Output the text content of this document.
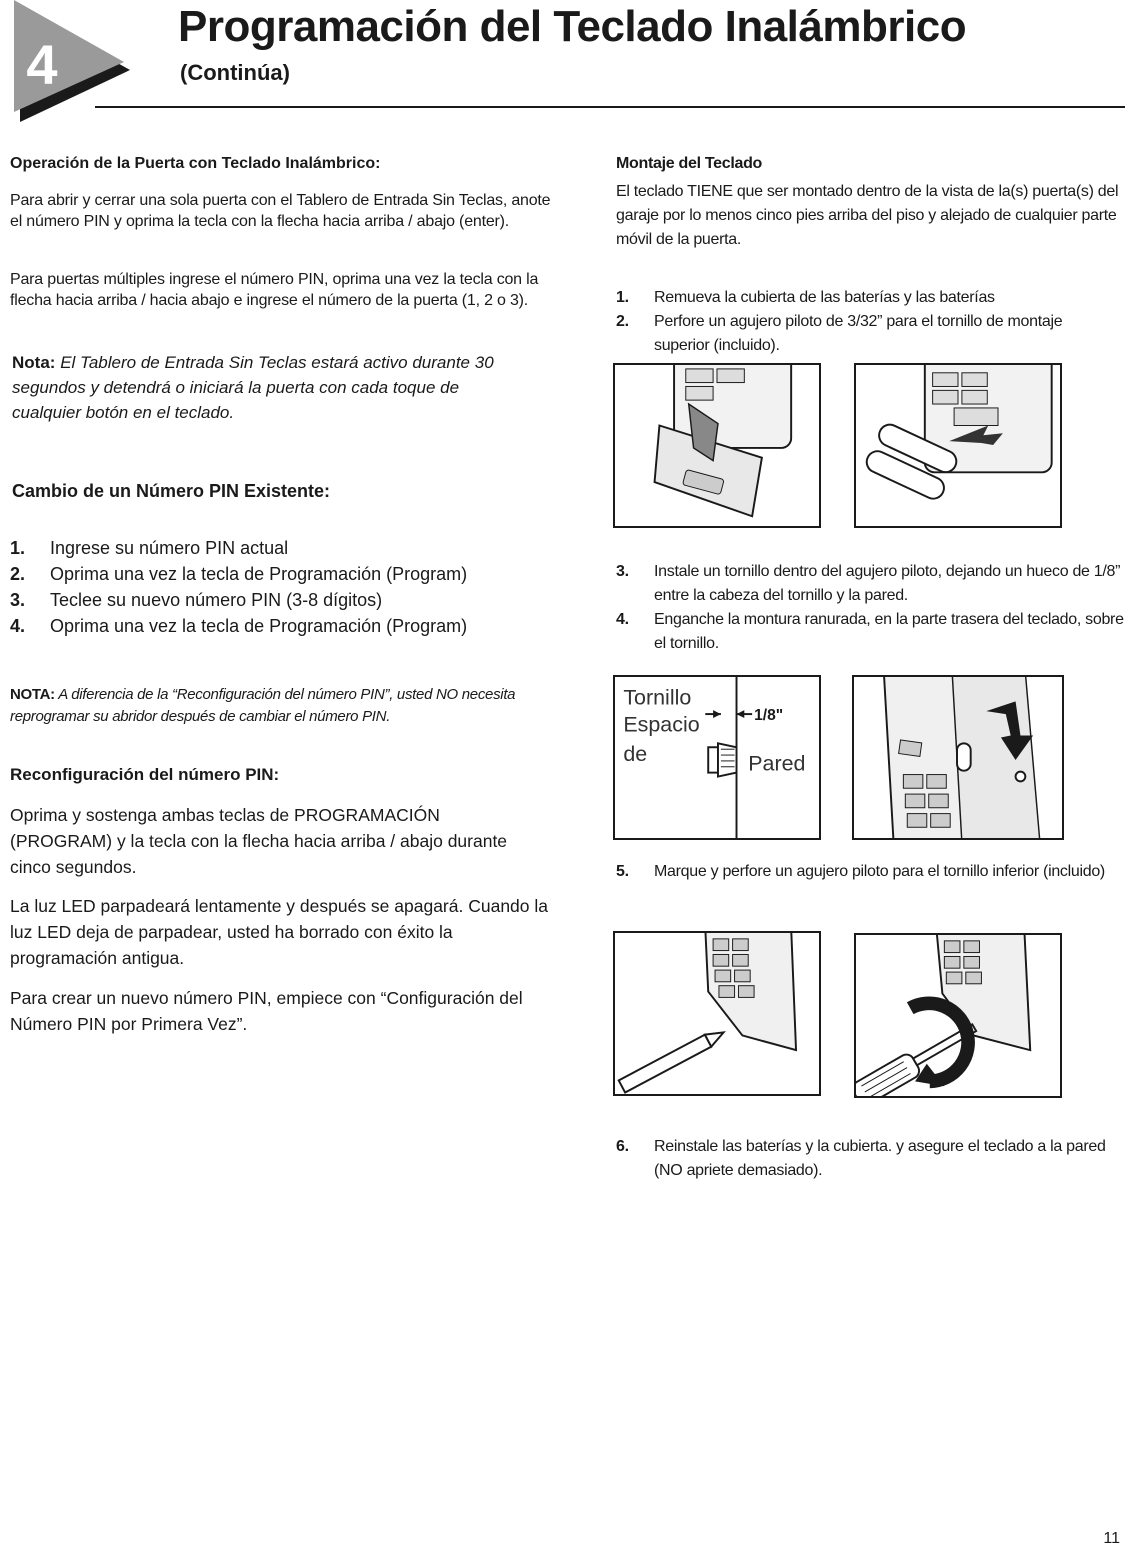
4
Programación del Teclado Inalámbrico
(Continúa)
Operación de la Puerta con Teclado Inalámbrico:
Para abrir y cerrar una sola puerta con el Tablero de Entrada Sin Teclas, anote el número PIN y oprima la tecla con la flecha hacia arriba / abajo (enter).
Para puertas múltiples ingrese el número PIN, oprima una vez la tecla con la flecha hacia arriba / hacia abajo e ingrese el número de la puerta (1, 2 o 3).
Nota: El Tablero de Entrada Sin Teclas estará activo durante 30 segundos y detendrá o iniciará la puerta con cada toque de cualquier botón en el teclado.
Cambio de un Número PIN Existente:
1. Ingrese su número PIN actual
2. Oprima una vez la tecla de Programación (Program)
3. Teclee su nuevo número PIN (3-8 dígitos)
4. Oprima una vez la tecla de Programación (Program)
NOTA: A diferencia de la “Reconfiguración del número PIN”, usted NO necesita reprogramar su abridor después de cambiar el número PIN.
Reconfiguración del número PIN:
Oprima y sostenga ambas teclas de PROGRAMACIÓN (PROGRAM) y la tecla con la flecha hacia arriba / abajo durante cinco segundos.
La luz LED parpadeará lentamente y después se apagará. Cuando la luz LED deja de parpadear, usted ha borrado con éxito la programación antigua.
Para crear un nuevo número PIN, empiece con “Configuración del Número PIN por Primera Vez”.
Montaje del Teclado
El teclado TIENE que ser montado dentro de la vista de la(s) puerta(s) del garaje por lo menos cinco pies arriba del piso y alejado de cualquier parte móvil de la puerta.
1. Remueva la cubierta de las baterías y las baterías
2. Perfore un agujero piloto de 3/32” para el tornillo de montaje superior (incluido).
3. Instale un tornillo dentro del agujero piloto, dejando un hueco de 1/8” entre la cabeza del tornillo y la pared.
4. Enganche la montura ranurada, en la parte trasera del teclado, sobre el tornillo.
Tornillo
Espacio
de
1/8"
Pared
5. Marque y perfore un agujero piloto para el tornillo inferior (incluido)
6. Reinstale las baterías y la cubierta. y asegure el teclado a la pared (NO apriete demasiado).
11
